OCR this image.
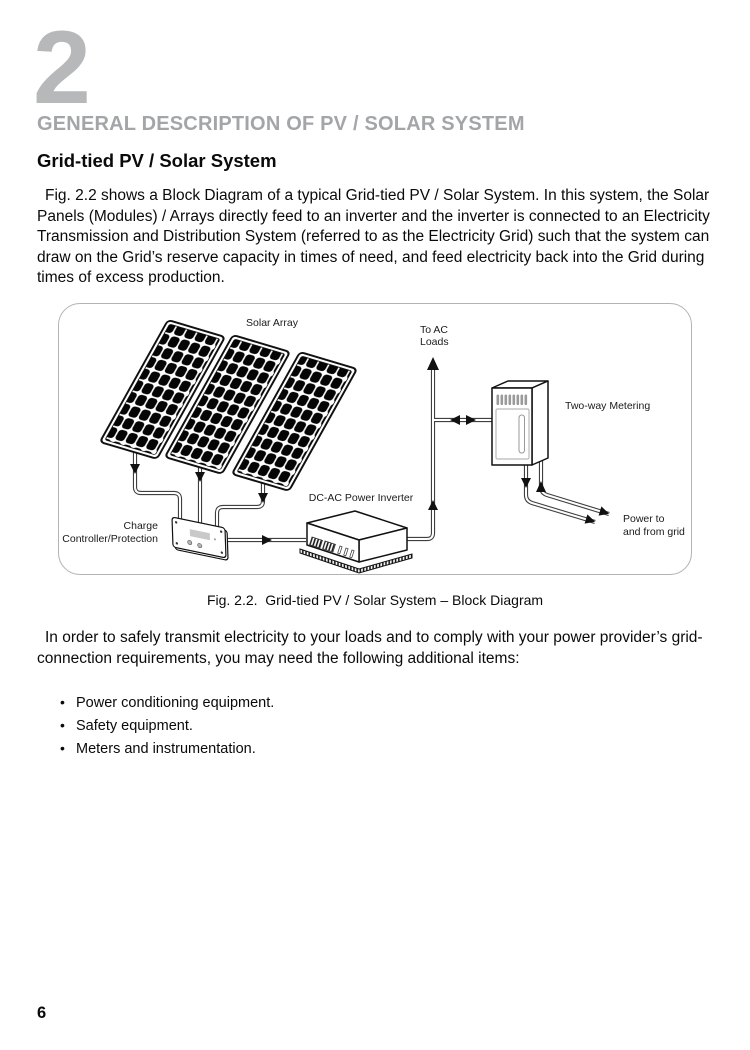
2
GENERAL DESCRIPTION OF PV / SOLAR SYSTEM
Grid-tied PV / Solar System
Fig. 2.2 shows a Block Diagram of a typical Grid-tied PV / Solar System. In this system, the Solar Panels (Modules) / Arrays directly feed to an inverter and the inverter is connected to an Electricity Transmission and Distribution System (referred to as the Electricity Grid) such that the system can draw on the Grid’s reserve capacity in times of need, and feed electricity back into the Grid during times of excess production.
Solar Array
To AC
Loads
Two-way Metering
DC-AC Power Inverter
Charge
Controller/Protection
Power to
and from grid
Fig. 2.2.  Grid-tied PV / Solar System – Block Diagram
In order to safely transmit electricity to your loads and to comply with your power provider’s grid-connection requirements, you may need the following additional items:
• Power conditioning equipment.
• Safety equipment.
• Meters and instrumentation.
6
